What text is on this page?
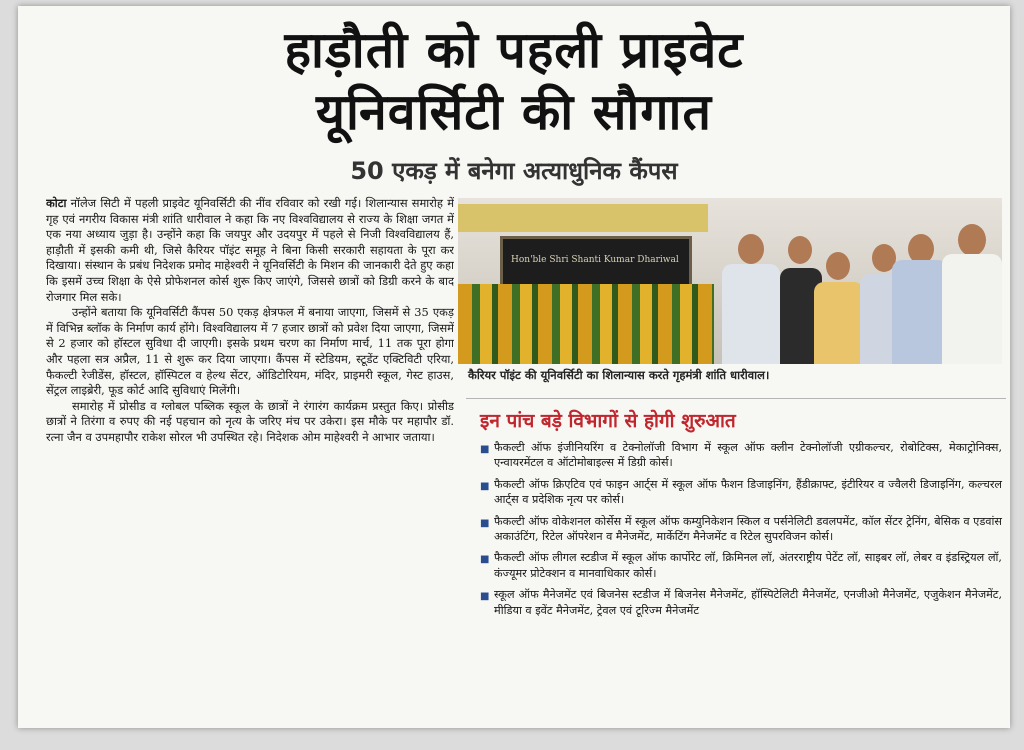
हाड़ौती को पहली प्राइवेट
यूनिवर्सिटी की सौगात
50 एकड़ में बनेगा अत्याधुनिक कैंपस

कोटा नॉलेज सिटी में पहली प्राइवेट यूनिवर्सिटी की नींव रविवार को रखी गई। शिलान्यास समारोह में गृह एवं नगरीय विकास मंत्री शांति धारीवाल ने कहा कि नए विश्वविद्यालय से राज्य के शिक्षा जगत में एक नया अध्याय जुड़ा है। उन्होंने कहा कि जयपुर और उदयपुर में पहले से निजी विश्वविद्यालय हैं, हाड़ौती में इसकी कमी थी, जिसे कैरियर पॉइंट समूह ने बिना किसी सरकारी सहायता के पूरा कर दिखाया। संस्थान के प्रबंध निदेशक प्रमोद माहेश्वरी ने यूनिवर्सिटी के मिशन की जानकारी देते हुए कहा कि इसमें उच्च शिक्षा के ऐसे प्रोफेशनल कोर्स शुरू किए जाएंगे, जिससे छात्रों को डिग्री करने के बाद रोजगार मिल सके।

उन्होंने बताया कि यूनिवर्सिटी कैंपस 50 एकड़ क्षेत्रफल में बनाया जाएगा, जिसमें से 35 एकड़ में विभिन्न ब्लॉक के निर्माण कार्य होंगे। विश्वविद्यालय में 7 हजार छात्रों को प्रवेश दिया जाएगा, जिसमें से 2 हजार को हॉस्टल सुविधा दी जाएगी। इसके प्रथम चरण का निर्माण मार्च, 11 तक पूरा होगा और पहला सत्र अप्रैल, 11 से शुरू कर दिया जाएगा। कैंपस में स्टेडियम, स्टूडेंट एक्टिविटी एरिया, फैकल्टी रेजीडेंस, हॉस्टल, हॉस्पिटल व हेल्थ सेंटर, ऑडिटोरियम, मंदिर, प्राइमरी स्कूल, गेस्ट हाउस, सेंट्रल लाइब्रेरी, फूड कोर्ट आदि सुविधाएं मिलेंगी।

समारोह में प्रोसीड व ग्लोबल पब्लिक स्कूल के छात्रों ने रंगारंग कार्यक्रम प्रस्तुत किए। प्रोसीड छात्रों ने तिरंगा व रुपए की नई पहचान को नृत्य के जरिए मंच पर उकेरा। इस मौके पर महापौर डॉ. रत्ना जैन व उपमहापौर राकेश सोरल भी उपस्थित रहे। निदेशक ओम माहेश्वरी ने आभार जताया।

Hon'ble Shri Shanti Kumar Dhariwal
कैरियर पॉइंट की यूनिवर्सिटी का शिलान्यास करते गृहमंत्री शांति धारीवाल।
इन पांच बड़े विभागों से होगी शुरुआत
■ फैकल्टी ऑफ इंजीनियरिंग व टेक्नोलॉजी विभाग में स्कूल ऑफ क्लीन टेक्नोलॉजी एग्रीकल्चर, रोबोटिक्स, मेकाट्रोनिक्स, एन्वायरमेंटल व ऑटोमोबाइल्स में डिग्री कोर्स।
■ फैकल्टी ऑफ क्रिएटिव एवं फाइन आर्ट्स में स्कूल ऑफ फैशन डिजाइनिंग, हैंडीक्राफ्ट, इंटीरियर व ज्वैलरी डिजाइनिंग, कल्चरल आर्ट्स व प्रदेशिक नृत्य पर कोर्स।
■ फैकल्टी ऑफ वोकेशनल कोर्सेस में स्कूल ऑफ कम्युनिकेशन स्किल व पर्सनेलिटी डवलपमेंट, कॉल सेंटर ट्रेनिंग, बेसिक व एडवांस अकाउंटिंग, रिटेल ऑपरेशन व मैनेजमेंट, मार्केटिंग मैनेजमेंट व रिटेल सुपरविजन कोर्स।
■ फैकल्टी ऑफ लीगल स्टडीज में स्कूल ऑफ कार्पोरेट लॉ, क्रिमिनल लॉ, अंतरराष्ट्रीय पेटेंट लॉ, साइबर लॉ, लेबर व इंडस्ट्रियल लॉ, कंज्यूमर प्रोटेक्शन व मानवाधिकार कोर्स।
■ स्कूल ऑफ मैनेजमेंट एवं बिजनेस स्टडीज में बिजनेस मैनेजमेंट, हॉस्पिटेलिटी मैनेजमेंट, एनजीओ मैनेजमेंट, एजुकेशन मैनेजमेंट, मीडिया व इवेंट मैनेजमेंट, ट्रेवल एवं टूरिज्म मैनेजमेंट
